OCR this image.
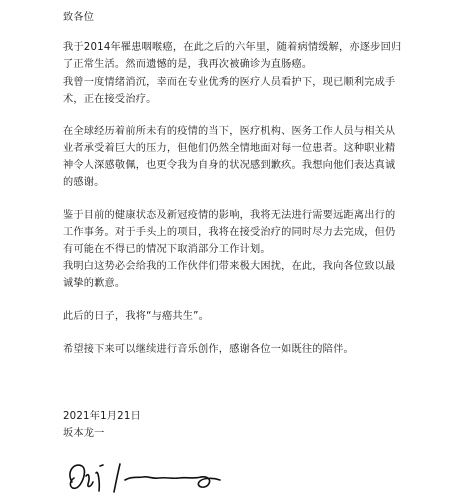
致各位
我于2014年罹患咽喉癌，在此之后的六年里，随着病情缓解，亦逐步回归
了正常生活。然而遗憾的是，我再次被确诊为直肠癌。
我曾一度情绪消沉，幸而在专业优秀的医疗人员看护下，现已顺利完成手
术，正在接受治疗。
在全球经历着前所未有的疫情的当下，医疗机构、医务工作人员与相关从
业者承受着巨大的压力，但他们仍然全情地面对每一位患者。这种职业精
神令人深感敬佩，也更令我为自身的状况感到歉疚。我想向他们表达真诚
的感谢。
鉴于目前的健康状态及新冠疫情的影响，我将无法进行需要远距离出行的
工作事务。对于手头上的项目，我将在接受治疗的同时尽力去完成，但仍
有可能在不得已的情况下取消部分工作计划。
我明白这势必会给我的工作伙伴们带来极大困扰，在此，我向各位致以最
诚挚的歉意。
此后的日子，我将“与癌共生”。
希望接下来可以继续进行音乐创作，感谢各位一如既往的陪伴。
2021年1月21日
坂本龙一
